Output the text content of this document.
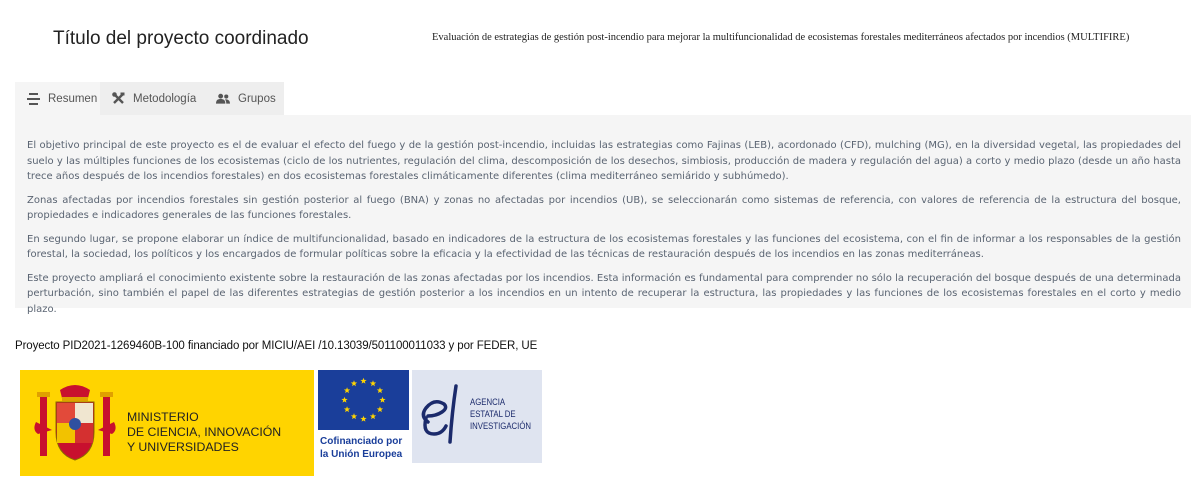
Título del proyecto coordinado	Evaluación de estrategias de gestión post-incendio para mejorar la multifuncionalidad de ecosistemas forestales mediterráneos afectados por incendios (MULTIFIRE)
Resumen	Metodología	Grupos

El objetivo principal de este proyecto es el de evaluar el efecto del fuego y de la gestión post-incendio, incluidas las estrategias como Fajinas (LEB), acordonado (CFD), mulching (MG), en la diversidad vegetal, las propiedades del suelo y las múltiples funciones de los ecosistemas (ciclo de los nutrientes, regulación del clima, descomposición de los desechos, simbiosis, producción de madera y regulación del agua) a corto y medio plazo (desde un año hasta trece años después de los incendios forestales) en dos ecosistemas forestales climáticamente diferentes (clima mediterráneo semiárido y subhúmedo).

Zonas afectadas por incendios forestales sin gestión posterior al fuego (BNA) y zonas no afectadas por incendios (UB), se seleccionarán como sistemas de referencia, con valores de referencia de la estructura del bosque, propiedades e indicadores generales de las funciones forestales.

En segundo lugar, se propone elaborar un índice de multifuncionalidad, basado en indicadores de la estructura de los ecosistemas forestales y las funciones del ecosistema, con el fin de informar a los responsables de la gestión forestal, la sociedad, los políticos y los encargados de formular políticas sobre la eficacia y la efectividad de las técnicas de restauración después de los incendios en las zonas mediterráneas.

Este proyecto ampliará el conocimiento existente sobre la restauración de las zonas afectadas por los incendios. Esta información es fundamental para comprender no sólo la recuperación del bosque después de una determinada perturbación, sino también el papel de las diferentes estrategias de gestión posterior a los incendios en un intento de recuperar la estructura, las propiedades y las funciones de los ecosistemas forestales en el corto y medio plazo.

Proyecto PID2021-1269460B-100 financiado por MICIU/AEI /10.13039/501100011033 y por FEDER, UE
MINISTERIO
DE CIENCIA, INNOVACIÓN
Y UNIVERSIDADES	Cofinanciado por
la Unión Europea
AGENCIA
ESTATAL DE
INVESTIGACIÓN
